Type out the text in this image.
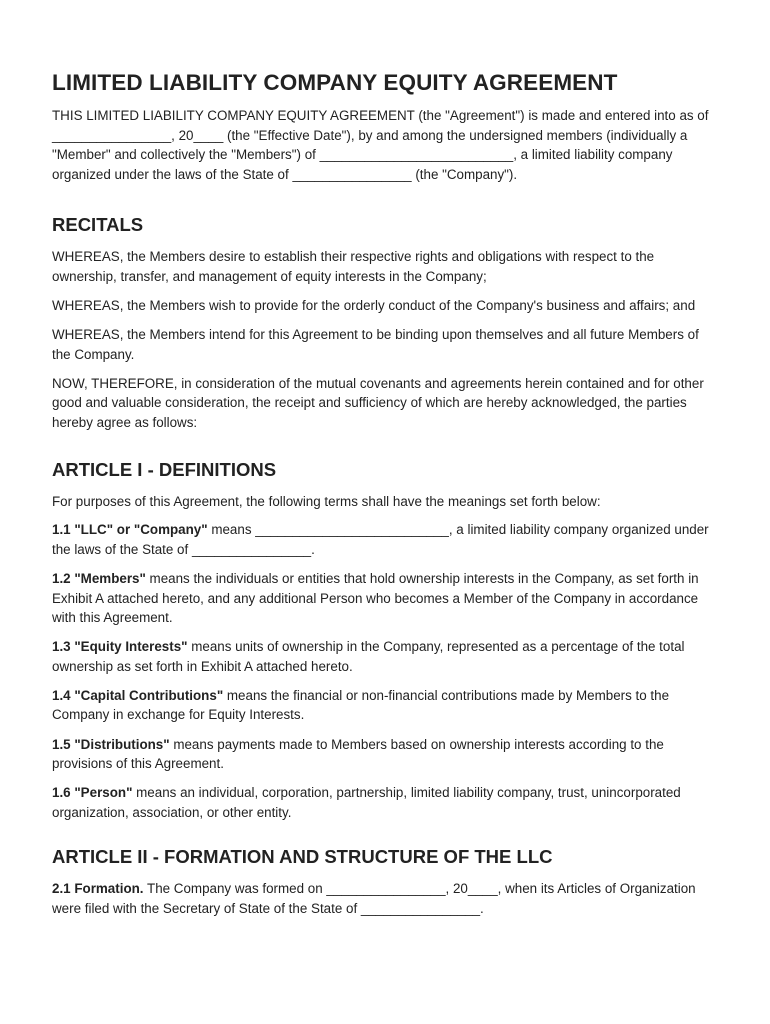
LIMITED LIABILITY COMPANY EQUITY AGREEMENT

THIS LIMITED LIABILITY COMPANY EQUITY AGREEMENT (the "Agreement") is made and entered into as of ________________, 20____ (the "Effective Date"), by and among the undersigned members (individually a "Member" and collectively the "Members") of __________________________, a limited liability company organized under the laws of the State of ________________ (the "Company").

RECITALS

WHEREAS, the Members desire to establish their respective rights and obligations with respect to the ownership, transfer, and management of equity interests in the Company;

WHEREAS, the Members wish to provide for the orderly conduct of the Company's business and affairs; and

WHEREAS, the Members intend for this Agreement to be binding upon themselves and all future Members of the Company.

NOW, THEREFORE, in consideration of the mutual covenants and agreements herein contained and for other good and valuable consideration, the receipt and sufficiency of which are hereby acknowledged, the parties hereby agree as follows:

ARTICLE I - DEFINITIONS

For purposes of this Agreement, the following terms shall have the meanings set forth below:

1.1 "LLC" or "Company" means __________________________, a limited liability company organized under the laws of the State of ________________.

1.2 "Members" means the individuals or entities that hold ownership interests in the Company, as set forth in Exhibit A attached hereto, and any additional Person who becomes a Member of the Company in accordance with this Agreement.

1.3 "Equity Interests" means units of ownership in the Company, represented as a percentage of the total ownership as set forth in Exhibit A attached hereto.

1.4 "Capital Contributions" means the financial or non-financial contributions made by Members to the Company in exchange for Equity Interests.

1.5 "Distributions" means payments made to Members based on ownership interests according to the provisions of this Agreement.

1.6 "Person" means an individual, corporation, partnership, limited liability company, trust, unincorporated organization, association, or other entity.

ARTICLE II - FORMATION AND STRUCTURE OF THE LLC

2.1 Formation. The Company was formed on ________________, 20____, when its Articles of Organization were filed with the Secretary of State of the State of ________________.
